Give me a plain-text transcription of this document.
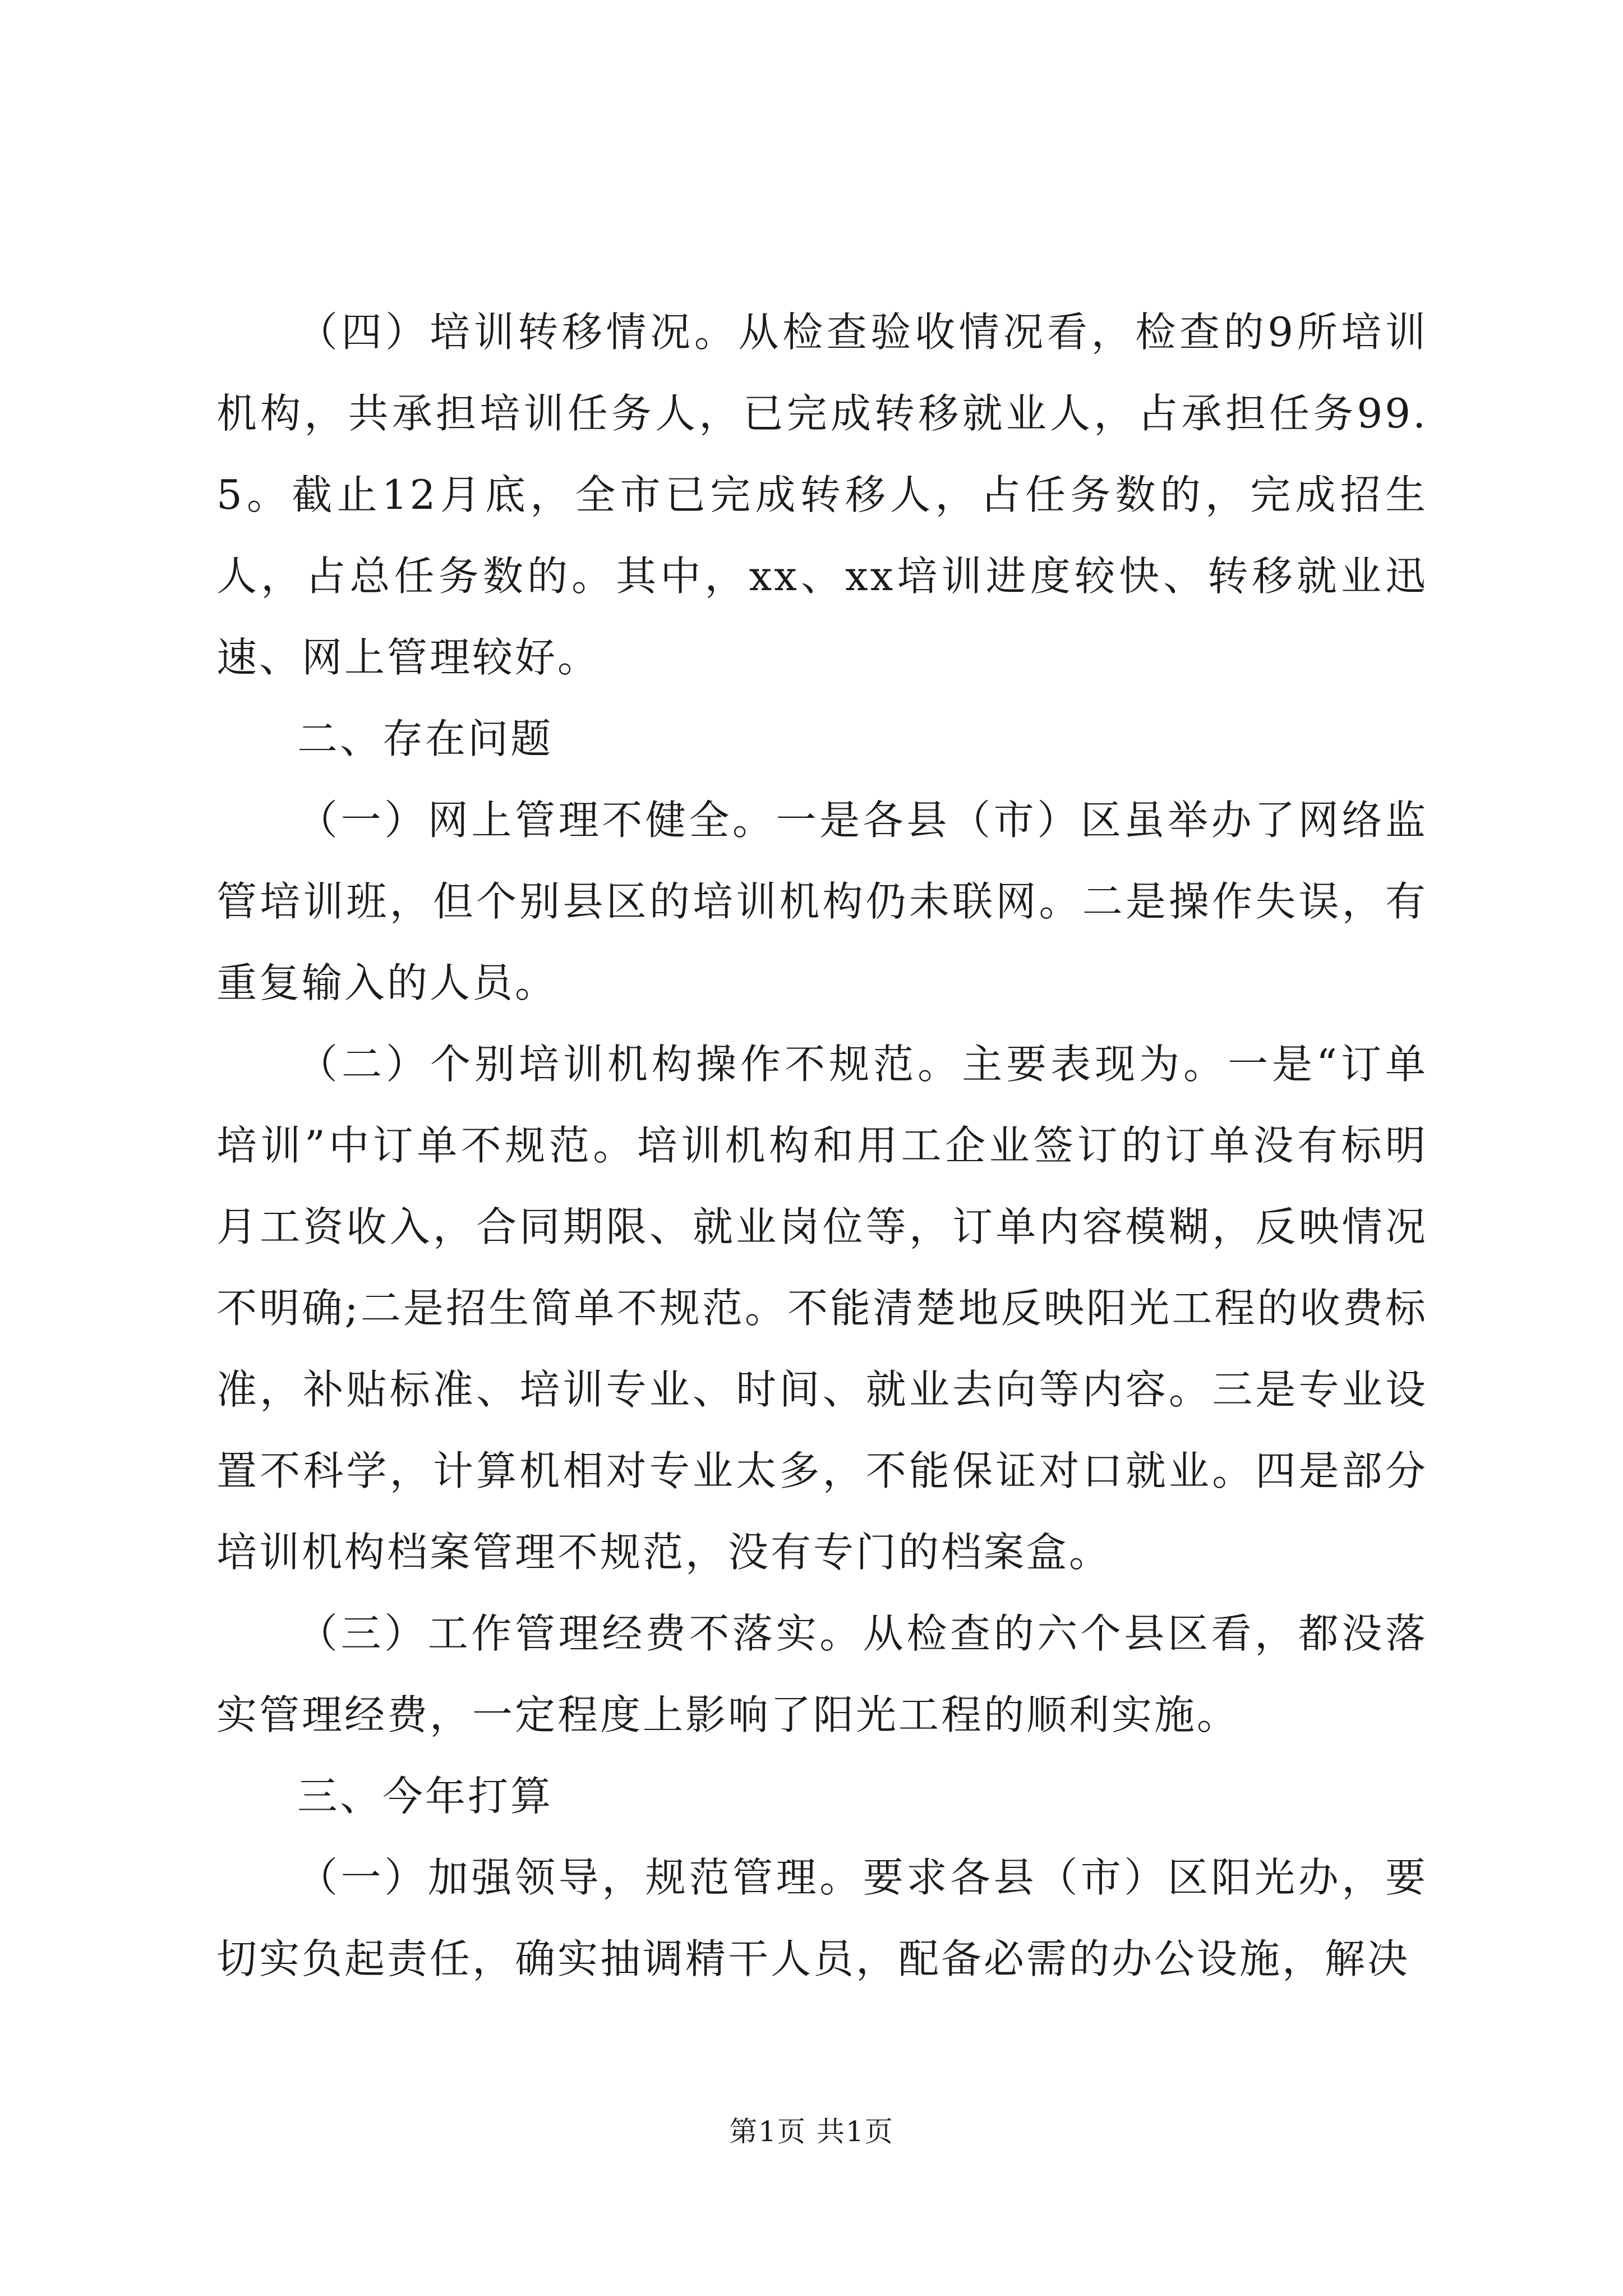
（四）培训转移情况。从检查验收情况看，检查的9所培训机构，共承担培训任务人，已完成转移就业人，占承担任务99.5。截止12月底，全市已完成转移人，占任务数的，完成招生人，占总任务数的。其中，xx、xx培训进度较快、转移就业迅速、网上管理较好。

二、存在问题

（一）网上管理不健全。一是各县（市）区虽举办了网络监管培训班，但个别县区的培训机构仍未联网。二是操作失误，有重复输入的人员。

（二）个别培训机构操作不规范。主要表现为。一是“订单培训”中订单不规范。培训机构和用工企业签订的订单没有标明月工资收入，合同期限、就业岗位等，订单内容模糊，反映情况不明确;二是招生简单不规范。不能清楚地反映阳光工程的收费标准，补贴标准、培训专业、时间、就业去向等内容。三是专业设置不科学，计算机相对专业太多，不能保证对口就业。四是部分培训机构档案管理不规范，没有专门的档案盒。

（三）工作管理经费不落实。从检查的六个县区看，都没落实管理经费，一定程度上影响了阳光工程的顺利实施。

三、今年打算

（一）加强领导，规范管理。要求各县（市）区阳光办，要切实负起责任，确实抽调精干人员，配备必需的办公设施，解决

第1页 共1页
